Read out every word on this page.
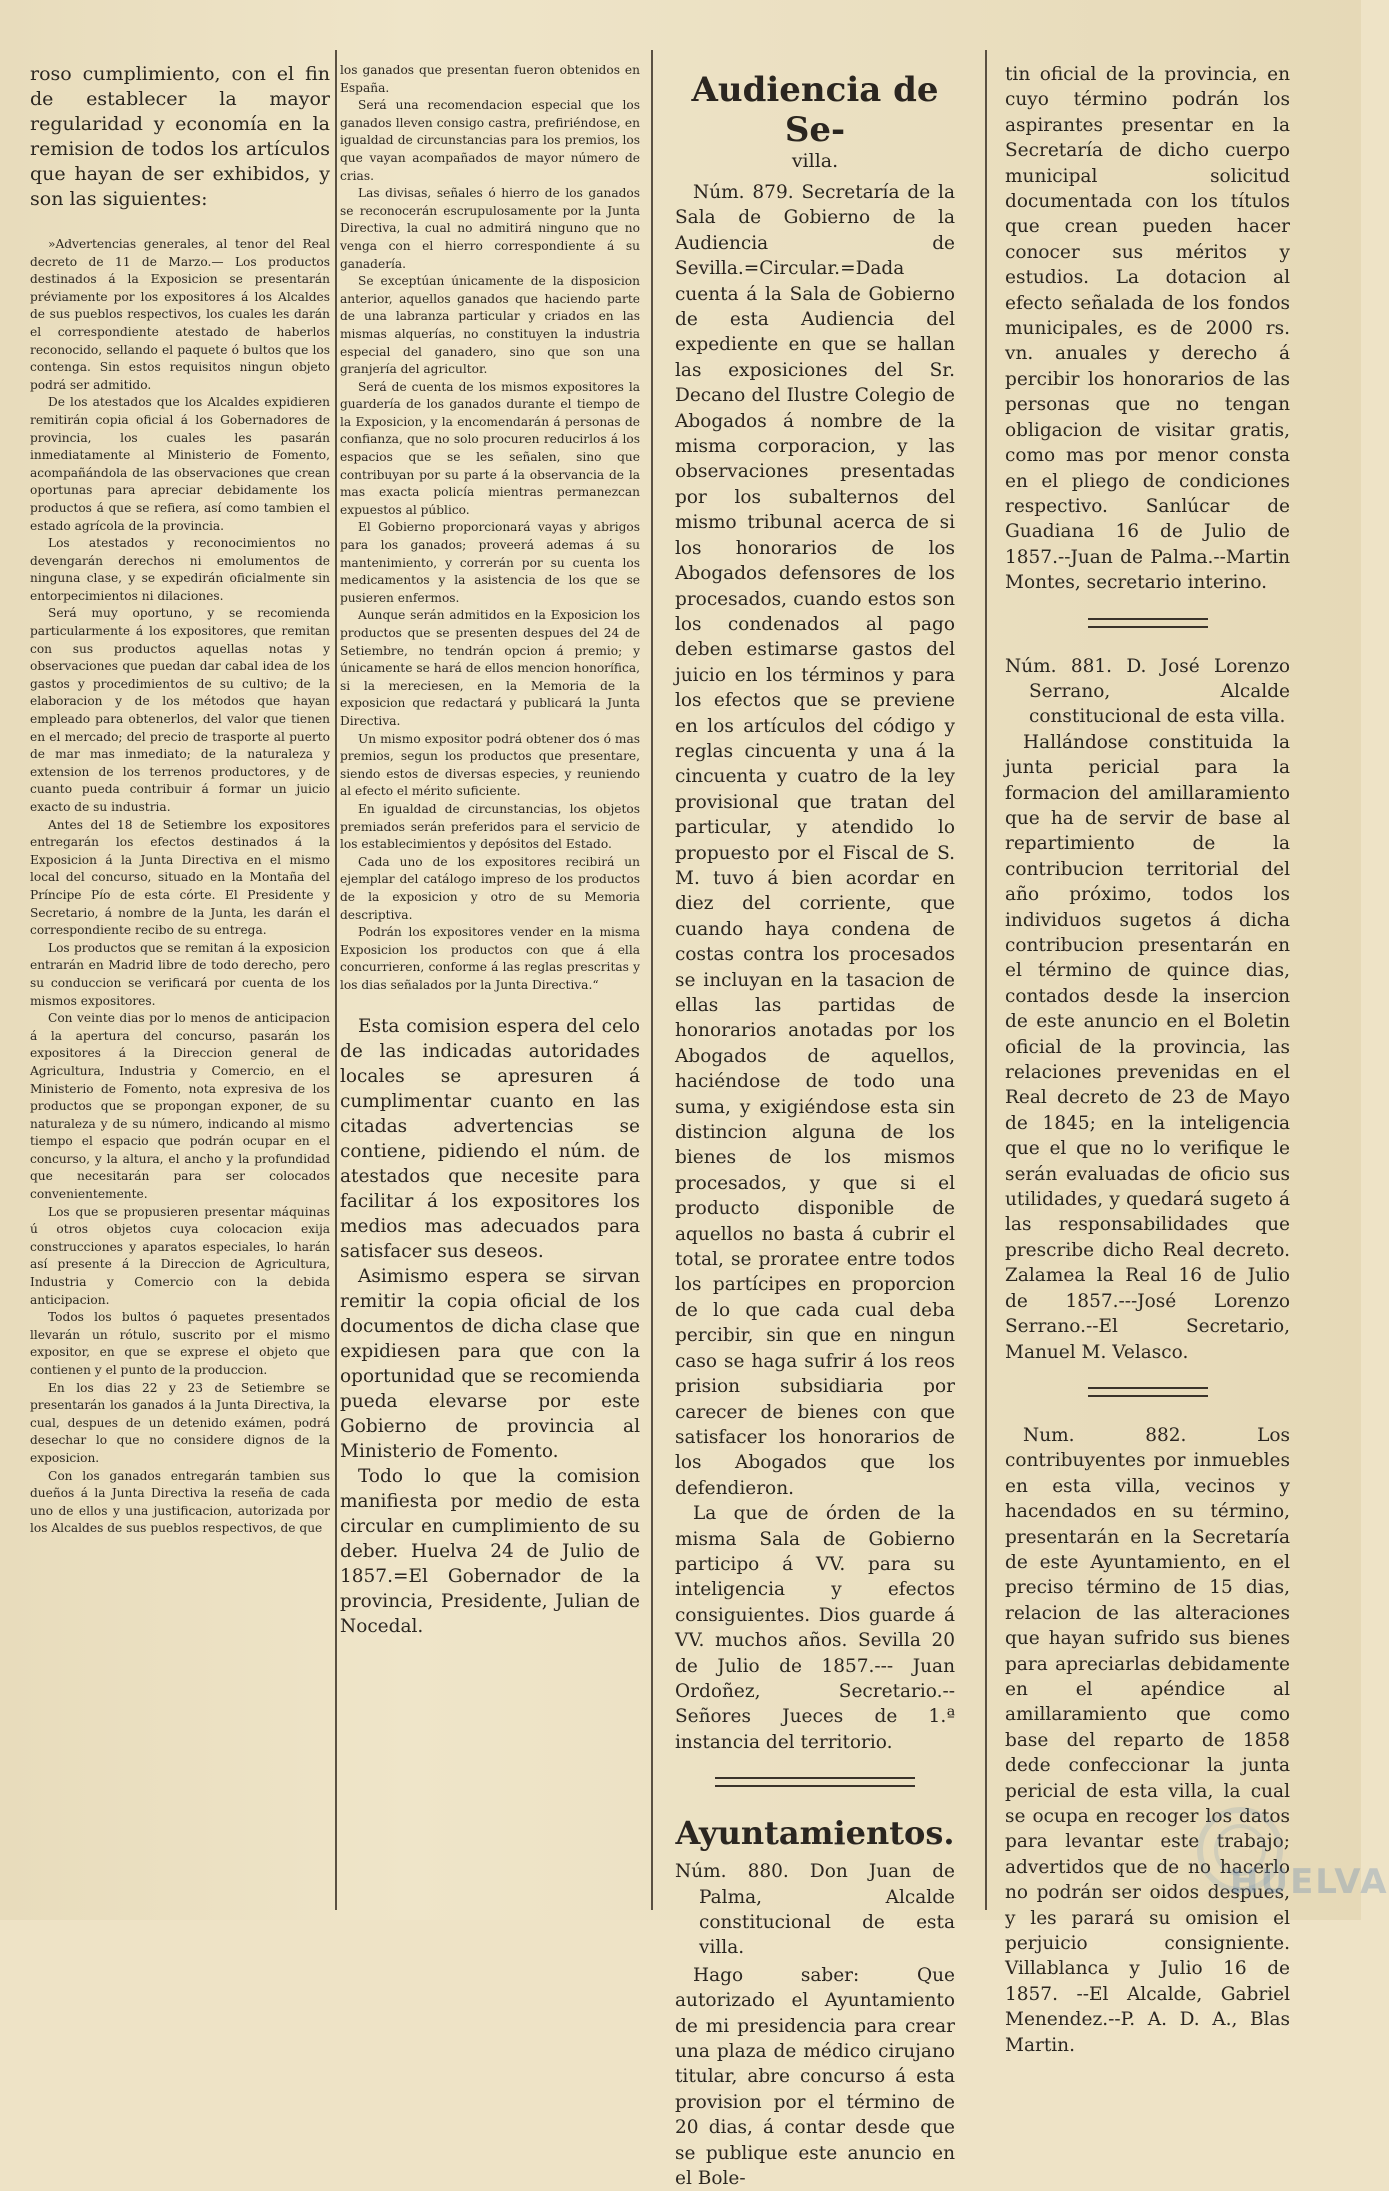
roso cumplimiento, con el fin de establecer la mayor regularidad y economía en la remision de todos los artículos que hayan de ser exhibidos, y son las siguientes:

»Advertencias generales, al tenor del Real decreto de 11 de Marzo.— Los productos destinados á la Exposicion se presentarán préviamente por los expositores á los Alcaldes de sus pueblos respectivos, los cuales les darán el correspondiente atestado de haberlos reconocido, sellando el paquete ó bultos que los contenga. Sin estos requisitos ningun objeto podrá ser admitido.

De los atestados que los Alcaldes expidieren remitirán copia oficial á los Gobernadores de provincia, los cuales les pasarán inmediatamente al Ministerio de Fomento, acompañándola de las observaciones que crean oportunas para apreciar debidamente los productos á que se refiera, así como tambien el estado agrícola de la provincia.

Los atestados y reconocimientos no devengarán derechos ni emolumentos de ninguna clase, y se expedirán oficialmente sin entorpecimientos ni dilaciones.

Será muy oportuno, y se recomienda particularmente á los expositores, que remitan con sus productos aquellas notas y observaciones que puedan dar cabal idea de los gastos y procedimientos de su cultivo; de la elaboracion y de los métodos que hayan empleado para obtenerlos, del valor que tienen en el mercado; del precio de trasporte al puerto de mar mas inmediato; de la naturaleza y extension de los terrenos productores, y de cuanto pueda contribuir á formar un juicio exacto de su industria.

Antes del 18 de Setiembre los expositores entregarán los efectos destinados á la Exposicion á la Junta Directiva en el mismo local del concurso, situado en la Montaña del Príncipe Pío de esta córte. El Presidente y Secretario, á nombre de la Junta, les darán el correspondiente recibo de su entrega.

Los productos que se remitan á la exposicion entrarán en Madrid libre de todo derecho, pero su conduccion se verificará por cuenta de los mismos expositores.

Con veinte dias por lo menos de anticipacion á la apertura del concurso, pasarán los expositores á la Direccion general de Agricultura, Industria y Comercio, en el Ministerio de Fomento, nota expresiva de los productos que se propongan exponer, de su naturaleza y de su número, indicando al mismo tiempo el espacio que podrán ocupar en el concurso, y la altura, el ancho y la profundidad que necesitarán para ser colocados convenientemente.

Los que se propusieren presentar máquinas ú otros objetos cuya colocacion exija construcciones y aparatos especiales, lo harán así presente á la Direccion de Agricultura, Industria y Comercio con la debida anticipacion.

Todos los bultos ó paquetes presentados llevarán un rótulo, suscrito por el mismo expositor, en que se exprese el objeto que contienen y el punto de la produccion.

En los dias 22 y 23 de Setiembre se presentarán los ganados á la Junta Directiva, la cual, despues de un detenido exámen, podrá desechar lo que no considere dignos de la exposicion.

Con los ganados entregarán tambien sus dueños á la Junta Directiva la reseña de cada uno de ellos y una justificacion, autorizada por los Alcaldes de sus pueblos respectivos, de que

los ganados que presentan fueron obtenidos en España.

Será una recomendacion especial que los ganados lleven consigo castra, prefiriéndose, en igualdad de circunstancias para los premios, los que vayan acompañados de mayor número de crias.

Las divisas, señales ó hierro de los ganados se reconocerán escrupulosamente por la Junta Directiva, la cual no admitirá ninguno que no venga con el hierro correspondiente á su ganadería.

Se exceptúan únicamente de la disposicion anterior, aquellos ganados que haciendo parte de una labranza particular y criados en las mismas alquerías, no constituyen la industria especial del ganadero, sino que son una granjería del agricultor.

Será de cuenta de los mismos expositores la guardería de los ganados durante el tiempo de la Exposicion, y la encomendarán á personas de confianza, que no solo procuren reducirlos á los espacios que se les señalen, sino que contribuyan por su parte á la observancia de la mas exacta policía mientras permanezcan expuestos al público.

El Gobierno proporcionará vayas y abrigos para los ganados; proveerá ademas á su mantenimiento, y correrán por su cuenta los medicamentos y la asistencia de los que se pusieren enfermos.

Aunque serán admitidos en la Exposicion los productos que se presenten despues del 24 de Setiembre, no tendrán opcion á premio; y únicamente se hará de ellos mencion honorífica, si la mereciesen, en la Memoria de la exposicion que redactará y publicará la Junta Directiva.

Un mismo expositor podrá obtener dos ó mas premios, segun los productos que presentare, siendo estos de diversas especies, y reuniendo al efecto el mérito suficiente.

En igualdad de circunstancias, los objetos premiados serán preferidos para el servicio de los establecimientos y depósitos del Estado.

Cada uno de los expositores recibirá un ejemplar del catálogo impreso de los productos de la exposicion y otro de su Memoria descriptiva.

Podrán los expositores vender en la misma Exposicion los productos con que á ella concurrieren, conforme á las reglas prescritas y los dias señalados por la Junta Directiva.“

Esta comision espera del celo de las indicadas autoridades locales se apresuren á cumplimentar cuanto en las citadas advertencias se contiene, pidiendo el núm. de atestados que necesite para facilitar á los expositores los medios mas adecuados para satisfacer sus deseos.

Asimismo espera se sirvan remitir la copia oficial de los documentos de dicha clase que expidiesen para que con la oportunidad que se recomienda pueda elevarse por este Gobierno de provincia al Ministerio de Fomento.

Todo lo que la comision manifiesta por medio de esta circular en cumplimiento de su deber. Huelva 24 de Julio de 1857.=El Gobernador de la provincia, Presidente, Julian de Nocedal.

Audiencia de Se-
villa.

Núm. 879. Secretaría de la Sala de Gobierno de la Audiencia de Sevilla.=Circular.=Dada cuenta á la Sala de Gobierno de esta Audiencia del expediente en que se hallan las exposiciones del Sr. Decano del Ilustre Colegio de Abogados á nombre de la misma corporacion, y las observaciones presentadas por los subalternos del mismo tribunal acerca de si los honorarios de los Abogados defensores de los procesados, cuando estos son los condenados al pago deben estimarse gastos del juicio en los términos y para los efectos que se previene en los artículos del código y reglas cincuenta y una á la cincuenta y cuatro de la ley provisional que tratan del particular, y atendido lo propuesto por el Fiscal de S. M. tuvo á bien acordar en diez del corriente, que cuando haya condena de costas contra los procesados se incluyan en la tasacion de ellas las partidas de honorarios anotadas por los Abogados de aquellos, haciéndose de todo una suma, y exigiéndose esta sin distincion alguna de los bienes de los mismos procesados, y que si el producto disponible de aquellos no basta á cubrir el total, se proratee entre todos los partícipes en proporcion de lo que cada cual deba percibir, sin que en ningun caso se haga sufrir á los reos prision subsidiaria por carecer de bienes con que satisfacer los honorarios de los Abogados que los defendieron.

La que de órden de la misma Sala de Gobierno participo á VV. para su inteligencia y efectos consiguientes. Dios guarde á VV. muchos años. Sevilla 20 de Julio de 1857.--- Juan Ordoñez, Secretario.--Señores Jueces de 1.ª instancia del territorio.

Ayuntamientos.

Núm. 880. Don Juan de Palma, Alcalde constitucional de esta villa.

Hago saber: Que autorizado el Ayuntamiento de mi presidencia para crear una plaza de médico cirujano titular, abre concurso á esta provision por el término de 20 dias, á contar desde que se publique este anuncio en el Bole-

tin oficial de la provincia, en cuyo término podrán los aspirantes presentar en la Secretaría de dicho cuerpo municipal solicitud documentada con los títulos que crean pueden hacer conocer sus méritos y estudios. La dotacion al efecto señalada de los fondos municipales, es de 2000 rs. vn. anuales y derecho á percibir los honorarios de las personas que no tengan obligacion de visitar gratis, como mas por menor consta en el pliego de condiciones respectivo. Sanlúcar de Guadiana 16 de Julio de 1857.--Juan de Palma.--Martin Montes, secretario interino.

Núm. 881. D. José Lorenzo Serrano, Alcalde constitucional de esta villa.

Hallándose constituida la junta pericial para la formacion del amillaramiento que ha de servir de base al repartimiento de la contribucion territorial del año próximo, todos los individuos sugetos á dicha contribucion presentarán en el término de quince dias, contados desde la insercion de este anuncio en el Boletin oficial de la provincia, las relaciones prevenidas en el Real decreto de 23 de Mayo de 1845; en la inteligencia que el que no lo verifique le serán evaluadas de oficio sus utilidades, y quedará sugeto á las responsabilidades que prescribe dicho Real decreto. Zalamea la Real 16 de Julio de 1857.---José Lorenzo Serrano.--El Secretario, Manuel M. Velasco.

Num. 882. Los contribuyentes por inmuebles en esta villa, vecinos y hacendados en su término, presentarán en la Secretaría de este Ayuntamiento, en el preciso término de 15 dias, relacion de las alteraciones que hayan sufrido sus bienes para apreciarlas debidamente en el apéndice al amillaramiento que como base del reparto de 1858 dede confeccionar la junta pericial de esta villa, la cual se ocupa en recoger los datos para levantar este trabajo; advertidos que de no hacerlo no podrán ser oidos despues, y les parará su omision el perjuicio consigniente. Villablanca y Julio 16 de 1857. --El Alcalde, Gabriel Menendez.--P. A. D. A., Blas Martin.

HUELVA
